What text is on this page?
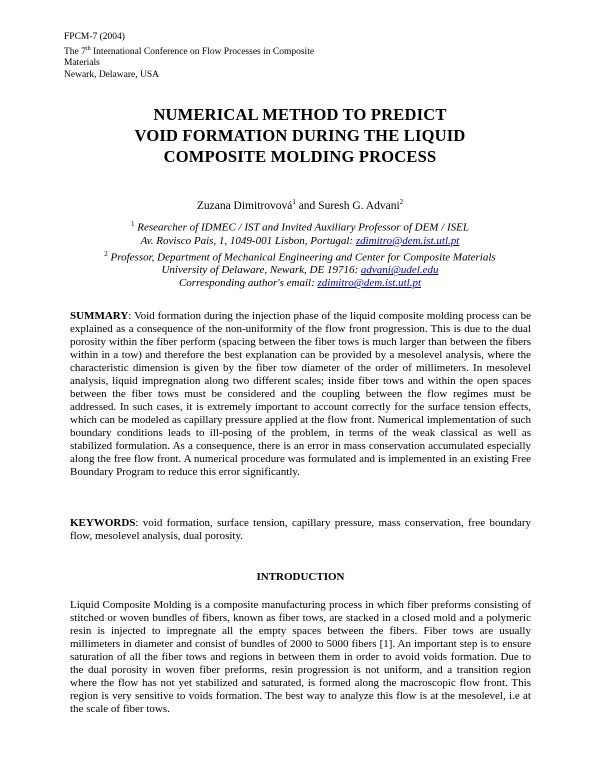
FPCM-7 (2004)
The 7th International Conference on Flow Processes in Composite
Materials
Newark, Delaware, USA
NUMERICAL METHOD TO PREDICT
VOID FORMATION DURING THE LIQUID
COMPOSITE MOLDING PROCESS
Zuzana Dimitrovová$^1$ and Suresh G. Advani$^2$
$^1$ Researcher of IDMEC / IST and Invited Auxiliary Professor of DEM / ISEL
Av. Rovisco Pais, 1, 1049-001 Lisbon, Portugal: zdimitro@dem.ist.utl.pt
$^2$ Professor, Department of Mechanical Engineering and Center for Composite Materials
University of Delaware, Newark, DE 19716: advani@udel.edu
Corresponding author's email: zdimitro@dem.ist.utl.pt
SUMMARY: Void formation during the injection phase of the liquid composite molding process can be explained as a consequence of the non-uniformity of the flow front progression. This is due to the dual porosity within the fiber perform (spacing between the fiber tows is much larger than between the fibers within in a tow) and therefore the best explanation can be provided by a mesolevel analysis, where the characteristic dimension is given by the fiber tow diameter of the order of millimeters. In mesolevel analysis, liquid impregnation along two different scales; inside fiber tows and within the open spaces between the fiber tows must be considered and the coupling between the flow regimes must be addressed. In such cases, it is extremely important to account correctly for the surface tension effects, which can be modeled as capillary pressure applied at the flow front. Numerical implementation of such boundary conditions leads to ill-posing of the problem, in terms of the weak classical as well as stabilized formulation. As a consequence, there is an error in mass conservation accumulated especially along the free flow front. A numerical procedure was formulated and is implemented in an existing Free Boundary Program to reduce this error significantly.
KEYWORDS: void formation, surface tension, capillary pressure, mass conservation, free boundary flow, mesolevel analysis, dual porosity.
INTRODUCTION
Liquid Composite Molding is a composite manufacturing process in which fiber preforms consisting of stitched or woven bundles of fibers, known as fiber tows, are stacked in a closed mold and a polymeric resin is injected to impregnate all the empty spaces between the fibers. Fiber tows are usually millimeters in diameter and consist of bundles of 2000 to 5000 fibers [1]. An important step is to ensure saturation of all the fiber tows and regions in between them in order to avoid voids formation. Due to the dual porosity in woven fiber preforms, resin progression is not uniform, and a transition region where the flow has not yet stabilized and saturated, is formed along the macroscopic flow front. This region is very sensitive to voids formation. The best way to analyze this flow is at the mesolevel, i.e at the scale of fiber tows.
